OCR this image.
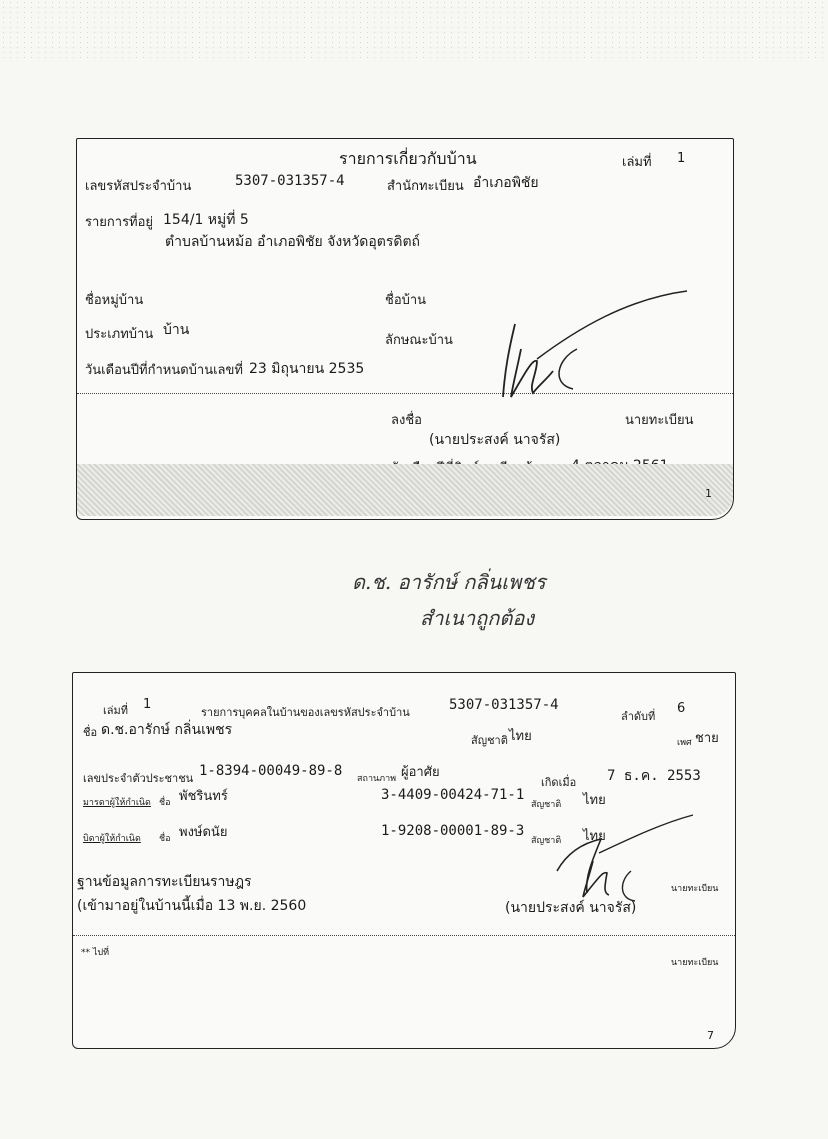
รายการเกี่ยวกับบ้าน	เล่มที่ 1
เลขรหัสประจำบ้าน	5307-031357-4	สำนักทะเบียน อำเภอพิชัย
รายการที่อยู่ 154/1 หมู่ที่ 5
ตำบลบ้านหม้อ อำเภอพิชัย จังหวัดอุตรดิตถ์
ชื่อหมู่บ้าน	ชื่อบ้าน
ประเภทบ้าน บ้าน
ลักษณะบ้าน
วันเดือนปีที่กำหนดบ้านเลขที่ 23 มิถุนายน 2535
ลงชื่อ	นายทะเบียน
(นายประสงค์ นาจรัส)
1
ด.ช. อารักษ์ กลิ่นเพชร
สำเนาถูกต้อง
เล่มที่ 1
รายการบุคคลในบ้านของเลขรหัสประจำบ้าน	5307-031357-4
ลำดับที่
6
ชื่อ ด.ช.อารักษ์ กลิ่นเพชร
สัญชาติ ไทย	เพศ ชาย
เลขประจำตัวประชาชน 1-8394-00049-89-8 สถานภาพ ผู้อาศัย
เกิดเมื่อ 7 ธ.ค. 2553
มารดาผู้ให้กำเนิด ชื่อ พัชรินทร์	3-4409-00424-71-1
สัญชาติ ไทย
บิดาผู้ให้กำเนิด ชื่อ พงษ์ดนัย	1-9208-00001-89-3
สัญชาติ ไทย
ฐานข้อมูลการทะเบียนราษฎร	นายทะเบียน
(เข้ามาอยู่ในบ้านนี้เมื่อ 13 พ.ย. 2560	(นายประสงค์ นาจรัส)
** ไปที่
นายทะเบียน
7
